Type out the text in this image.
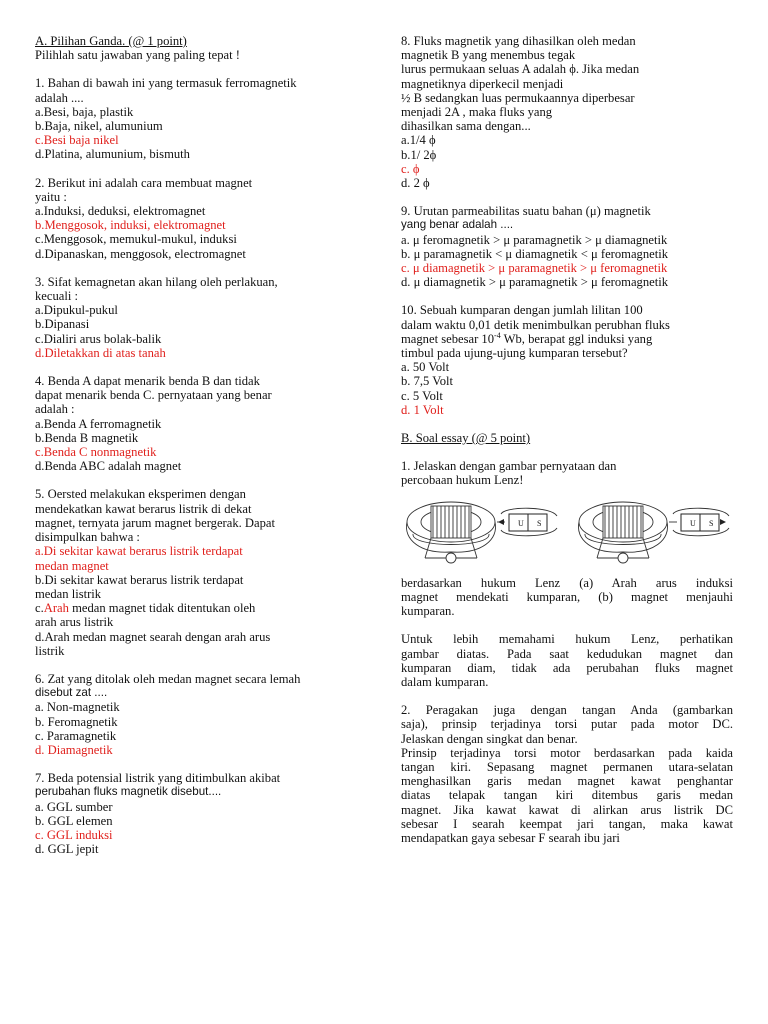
A. Pilihan Ganda. (@ 1 point)
Pilihlah satu jawaban yang paling tepat !
1. Bahan di bawah ini yang termasuk ferromagnetik
adalah ....
a.Besi, baja, plastik
b.Baja, nikel, alumunium
c.Besi baja nikel
d.Platina, alumunium, bismuth
2. Berikut ini adalah cara membuat magnet
yaitu :
a.Induksi, deduksi, elektromagnet
b.Menggosok, induksi, elektromagnet
c.Menggosok, memukul-mukul, induksi
d.Dipanaskan, menggosok, electromagnet
3. Sifat kemagnetan akan hilang oleh perlakuan,
kecuali :
a.Dipukul-pukul
b.Dipanasi
c.Dialiri arus bolak-balik
d.Diletakkan di atas tanah
4. Benda A dapat menarik benda B dan tidak
dapat menarik benda C. pernyataan yang benar
adalah :
a.Benda A ferromagnetik
b.Benda B magnetik
c.Benda C nonmagnetik
d.Benda ABC adalah magnet
5. Oersted melakukan eksperimen dengan
mendekatkan kawat berarus listrik di dekat
magnet, ternyata jarum magnet bergerak. Dapat
disimpulkan bahwa :
a.Di sekitar kawat berarus listrik terdapat
medan magnet
b.Di sekitar kawat berarus listrik terdapat
medan listrik
c.Arah medan magnet tidak ditentukan oleh
arah arus listrik
d.Arah medan magnet searah dengan arah arus
listrik
6. Zat yang ditolak oleh medan magnet secara lemah
disebut zat ....
a. Non-magnetik
b. Feromagnetik
c. Paramagnetik
d. Diamagnetik
7. Beda potensial listrik yang ditimbulkan akibat
perubahan fluks magnetik disebut....
a. GGL sumber
b. GGL elemen
c. GGL induksi
d. GGL jepit
8. Fluks magnetik yang dihasilkan oleh medan
magnetik B yang menembus tegak
lurus permukaan seluas A adalah ϕ. Jika medan
magnetiknya diperkecil menjadi
½ B sedangkan luas permukaannya diperbesar
menjadi 2A , maka fluks yang
dihasilkan sama dengan...
a.1/4 ϕ
b.1/ 2ϕ
c. ϕ
d. 2 ϕ
9. Urutan parmeabilitas suatu bahan (μ) magnetik
yang benar adalah ....
a. μ feromagnetik > μ paramagnetik > μ diamagnetik
b. μ paramagnetik < μ diamagnetik < μ feromagnetik
c. μ diamagnetik > μ paramagnetik > μ feromagnetik
d. μ diamagnetik > μ paramagnetik > μ feromagnetik
10. Sebuah kumparan dengan jumlah lilitan 100
dalam waktu 0,01 detik menimbulkan perubhan fluks
magnet sebesar $10^{-4}$ Wb, berapat ggl induksi yang
timbul pada ujung-ujung kumparan tersebut?
a. 50 Volt
b. 7,5 Volt
c. 5 Volt
d. 1 Volt
B. Soal essay (@ 5 point)
1. Jelaskan dengan gambar pernyataan dan
percobaan hukum Lenz!
U S	U S
berdasarkan hukum Lenz (a) Arah arus induksi
magnet mendekati kumparan, (b) magnet menjauhi
kumparan.
Untuk lebih memahami hukum Lenz, perhatikan
gambar diatas. Pada saat kedudukan magnet dan
kumparan diam, tidak ada perubahan fluks magnet
dalam kumparan.
2. Peragakan juga dengan tangan Anda (gambarkan
saja), prinsip terjadinya torsi putar pada motor DC.
Jelaskan dengan singkat dan benar.
Prinsip terjadinya torsi motor berdasarkan pada kaida
tangan kiri. Sepasang magnet permanen utara-selatan
menghasilkan garis medan magnet kawat penghantar
diatas telapak tangan kiri ditembus garis medan
magnet. Jika kawat kawat di alirkan arus listrik DC
sebesar I searah keempat jari tangan, maka kawat
mendapatkan gaya sebesar F searah ibu jari
